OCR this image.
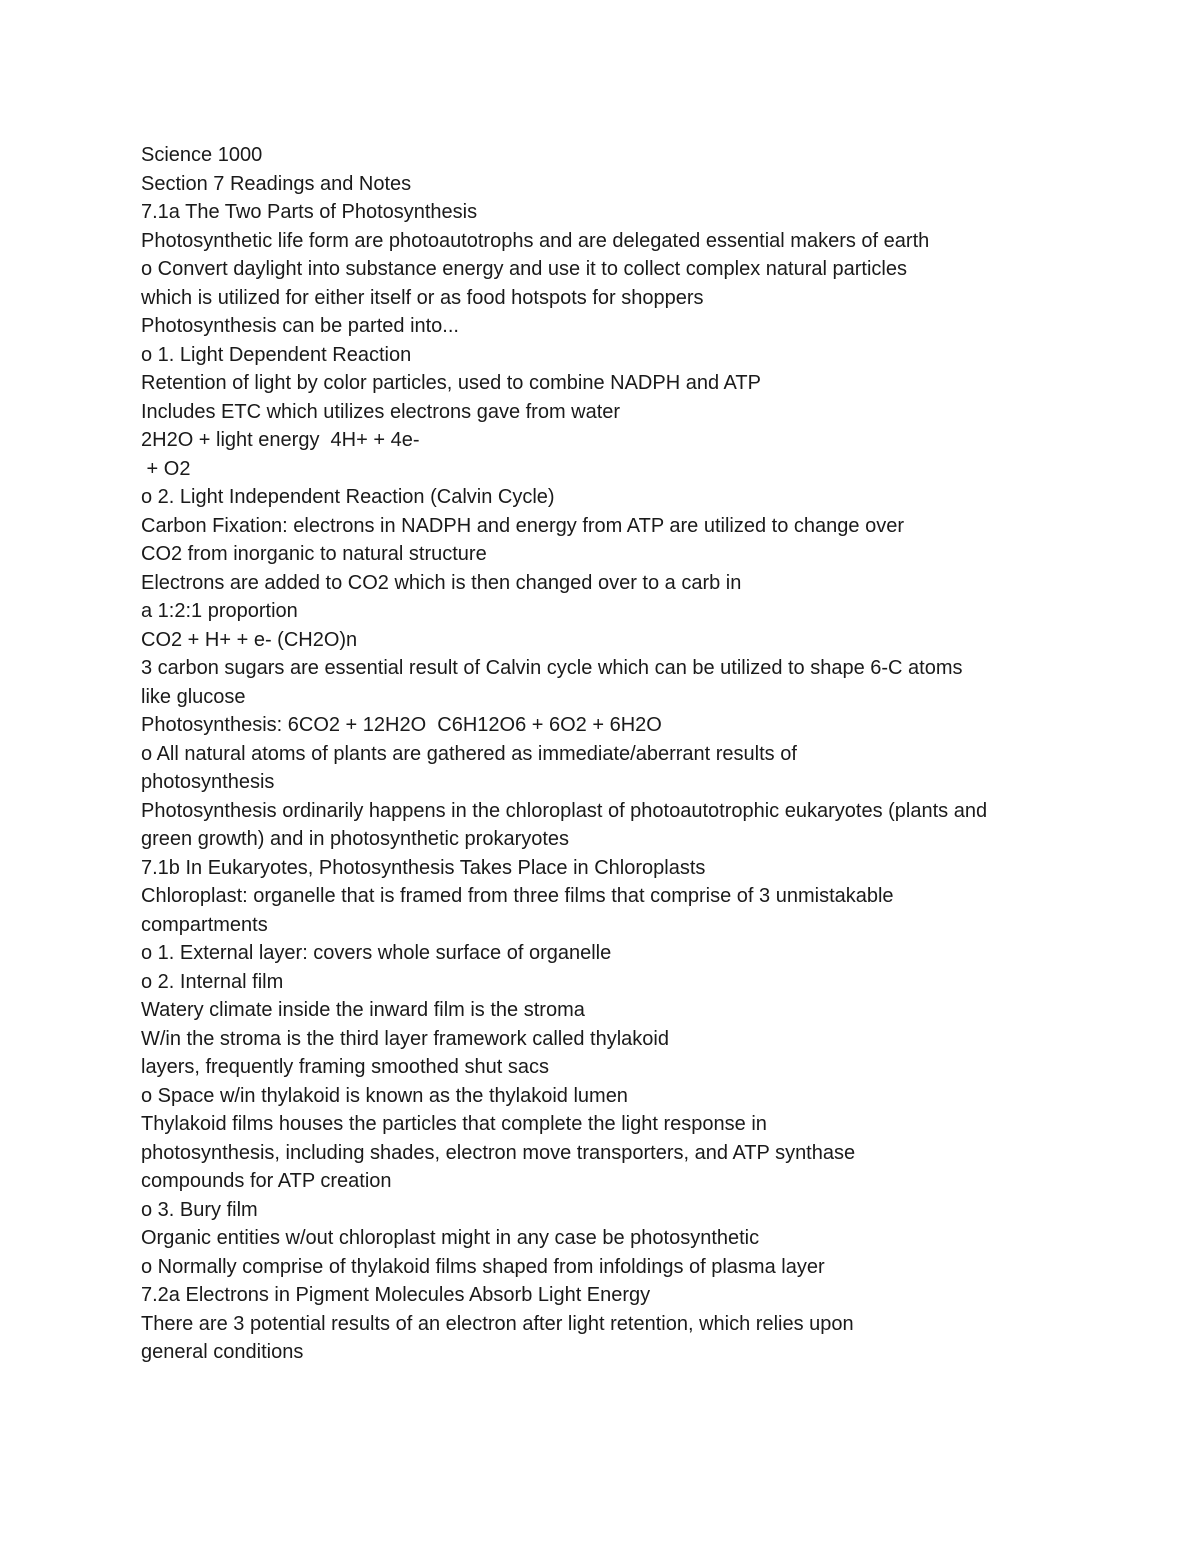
Science 1000
Section 7 Readings and Notes
7.1a The Two Parts of Photosynthesis
Photosynthetic life form are photoautotrophs and are delegated essential makers of earth
o Convert daylight into substance energy and use it to collect complex natural particles
which is utilized for either itself or as food hotspots for shoppers
Photosynthesis can be parted into...
o 1. Light Dependent Reaction
Retention of light by color particles, used to combine NADPH and ATP
Includes ETC which utilizes electrons gave from water
2H2O + light energy  4H+ + 4e-
+ O2
o 2. Light Independent Reaction (Calvin Cycle)
Carbon Fixation: electrons in NADPH and energy from ATP are utilized to change over
CO2 from inorganic to natural structure
Electrons are added to CO2 which is then changed over to a carb in
a 1:2:1 proportion
CO2 + H+ + e- (CH2O)n
3 carbon sugars are essential result of Calvin cycle which can be utilized to shape 6-C atoms
like glucose
Photosynthesis: 6CO2 + 12H2O  C6H12O6 + 6O2 + 6H2O
o All natural atoms of plants are gathered as immediate/aberrant results of
photosynthesis
Photosynthesis ordinarily happens in the chloroplast of photoautotrophic eukaryotes (plants and
green growth) and in photosynthetic prokaryotes
7.1b In Eukaryotes, Photosynthesis Takes Place in Chloroplasts
Chloroplast: organelle that is framed from three films that comprise of 3 unmistakable
compartments
o 1. External layer: covers whole surface of organelle
o 2. Internal film
Watery climate inside the inward film is the stroma
W/in the stroma is the third layer framework called thylakoid
layers, frequently framing smoothed shut sacs
o Space w/in thylakoid is known as the thylakoid lumen
Thylakoid films houses the particles that complete the light response in
photosynthesis, including shades, electron move transporters, and ATP synthase
compounds for ATP creation
o 3. Bury film
Organic entities w/out chloroplast might in any case be photosynthetic
o Normally comprise of thylakoid films shaped from infoldings of plasma layer
7.2a Electrons in Pigment Molecules Absorb Light Energy
There are 3 potential results of an electron after light retention, which relies upon
general conditions
